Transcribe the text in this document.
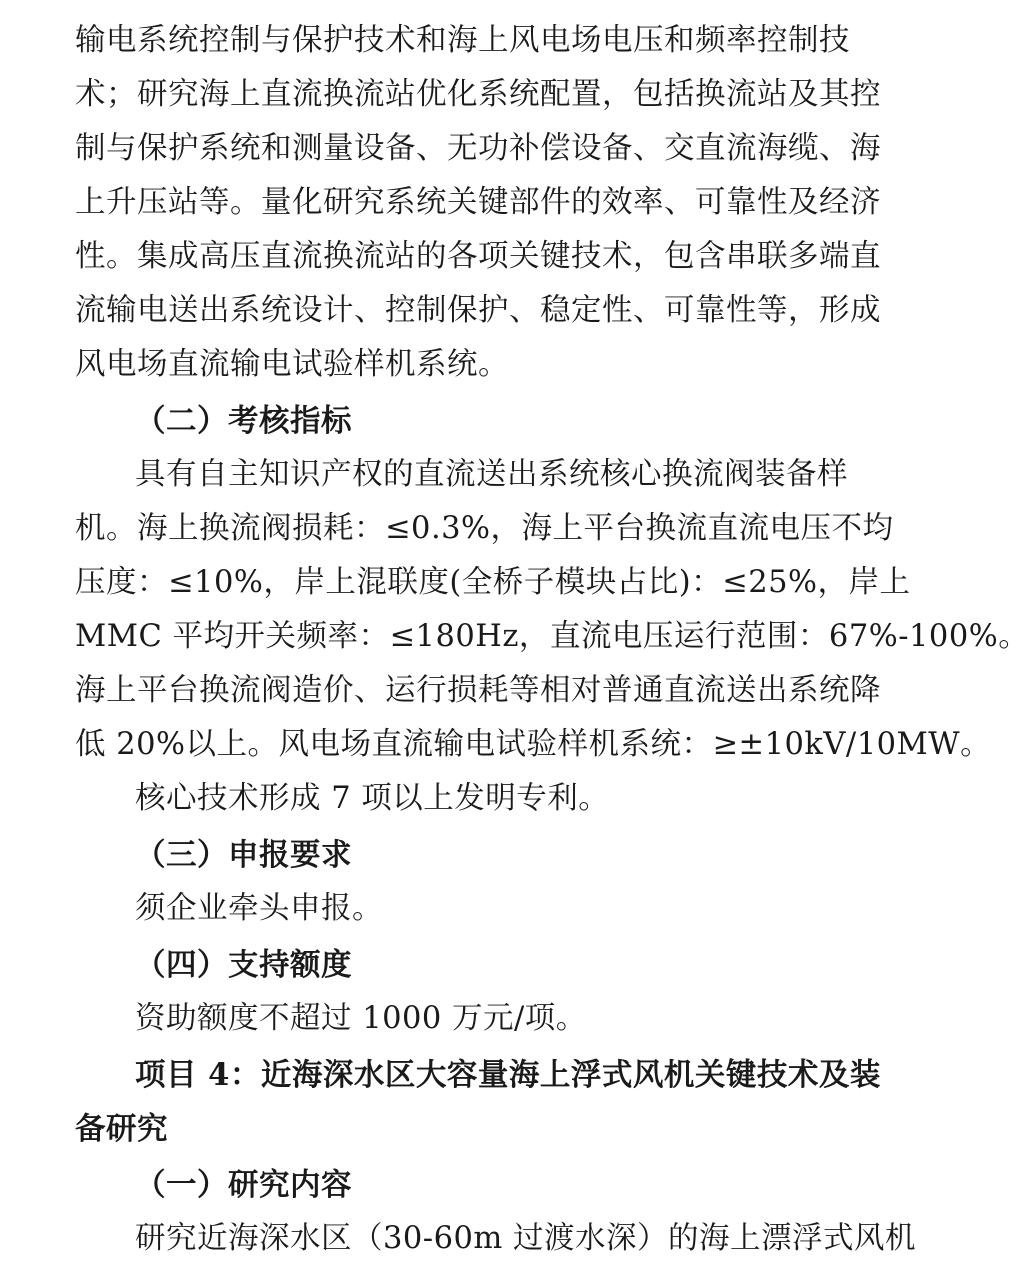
输电系统控制与保护技术和海上风电场电压和频率控制技
术；研究海上直流换流站优化系统配置，包括换流站及其控
制与保护系统和测量设备、无功补偿设备、交直流海缆、海
上升压站等。量化研究系统关键部件的效率、可靠性及经济
性。集成高压直流换流站的各项关键技术，包含串联多端直
流输电送出系统设计、控制保护、稳定性、可靠性等，形成
风电场直流输电试验样机系统。
（二）考核指标
具有自主知识产权的直流送出系统核心换流阀装备样
机。海上换流阀损耗：≤0.3%，海上平台换流直流电压不均
压度：≤10%，岸上混联度(全桥子模块占比)：≤25%，岸上
MMC 平均开关频率：≤180Hz，直流电压运行范围：67%-100%。
海上平台换流阀造价、运行损耗等相对普通直流送出系统降
低 20%以上。风电场直流输电试验样机系统：≥±10kV/10MW。
核心技术形成 7 项以上发明专利。
（三）申报要求
须企业牵头申报。
（四）支持额度
资助额度不超过 1000 万元/项。
项目 4：近海深水区大容量海上浮式风机关键技术及装
备研究
（一）研究内容
研究近海深水区（30-60m 过渡水深）的海上漂浮式风机
